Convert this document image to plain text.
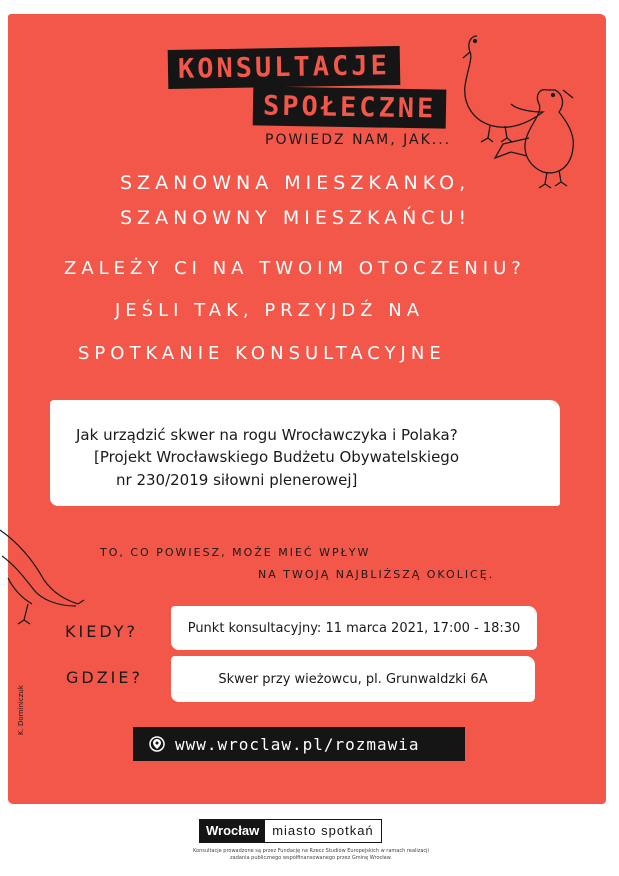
KONSULTACJE
SPOŁECZNE
POWIEDZ NAM, JAK...
SZANOWNA MIESZKANKO,
SZANOWNY MIESZKAŃCU!
ZALEŻY CI NA TWOIM OTOCZENIU?
JEŚLI TAK, PRZYJDŹ NA
SPOTKANIE KONSULTACYJNE
Jak urządzić skwer na rogu Wrocławczyka i Polaka?
[Projekt Wrocławskiego Budżetu Obywatelskiego
nr 230/2019 siłowni plenerowej]
TO, CO POWIESZ, MOŻE MIEĆ WPŁYW
NA TWOJĄ NAJBLIŻSZĄ OKOLICĘ.
KIEDY?	Punkt konsultacyjny: 11 marca 2021, 17:00 - 18:30
GDZIE?	Skwer przy wieżowcu, pl. Grunwaldzki 6A
www.wroclaw.pl/rozmawia
K. Dominiczuk
Wrocław	miasto spotkań
Konsultacje prowadzone są przez Fundację na Rzecz Studiów Europejskich w ramach realizacji zadania publicznego współfinansowanego przez Gminę Wrocław.
